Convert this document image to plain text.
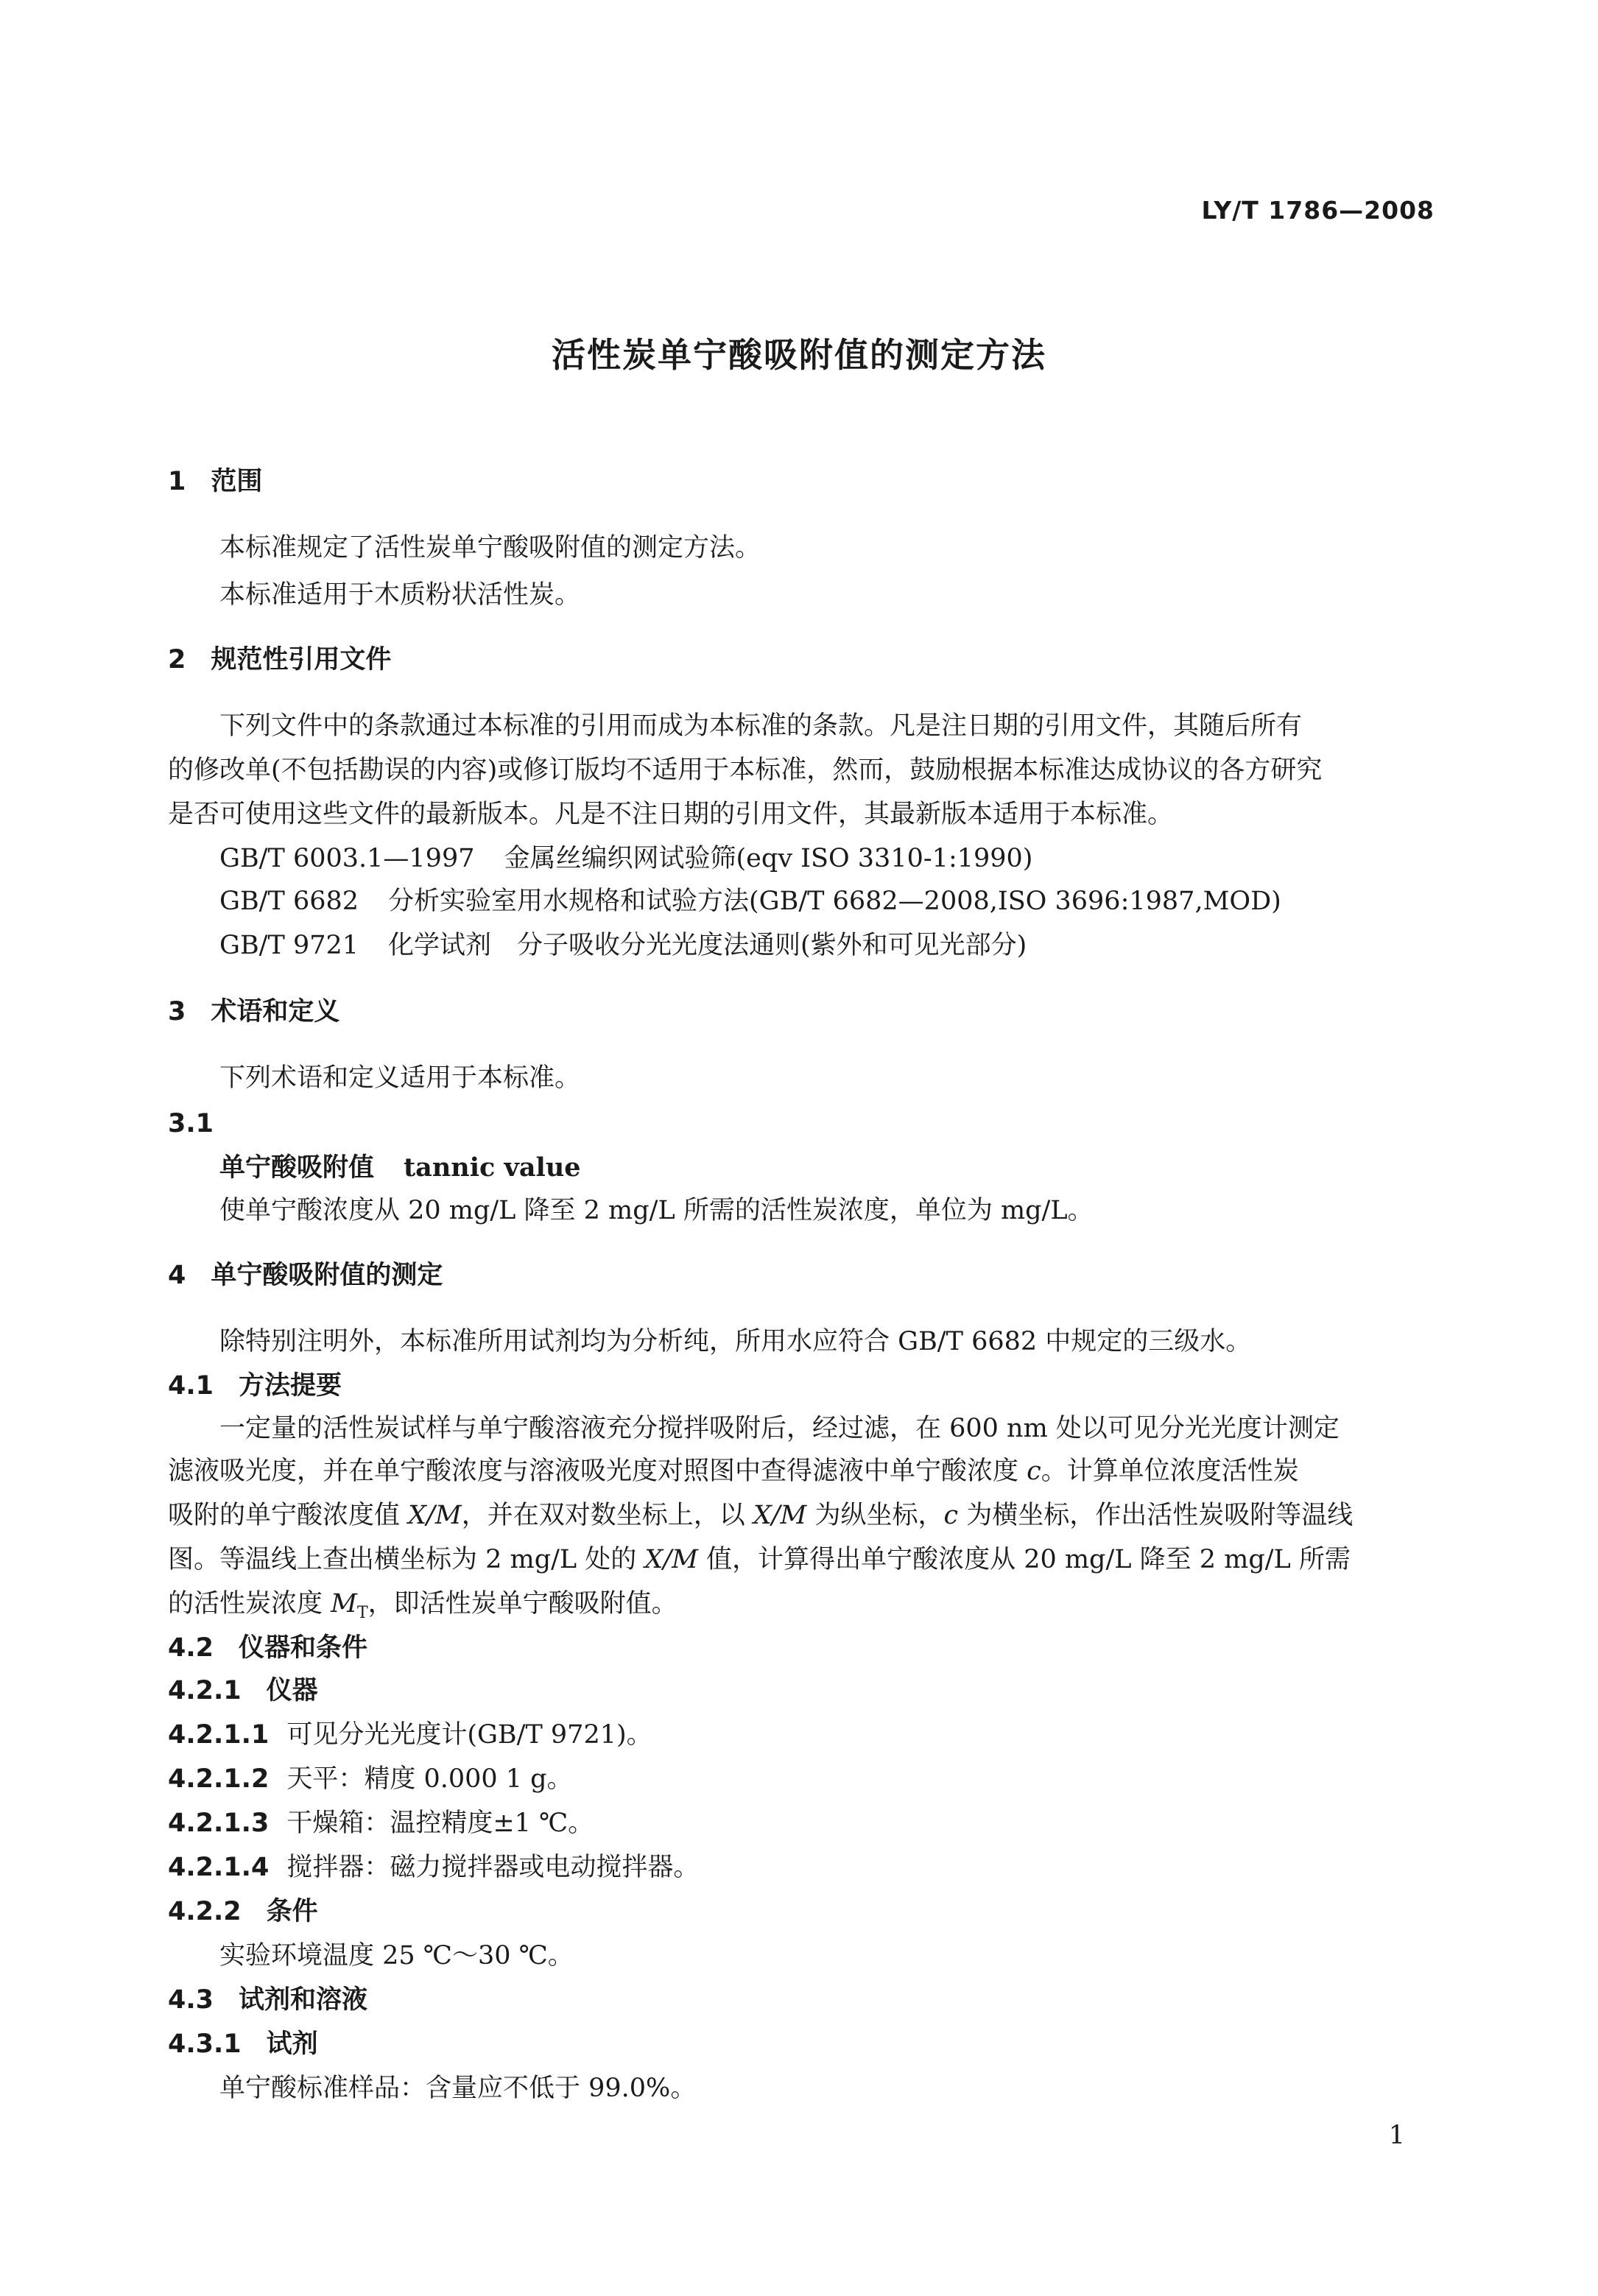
LY/T 1786—2008
活性炭单宁酸吸附值的测定方法
1 范围
本标准规定了活性炭单宁酸吸附值的测定方法。
本标准适用于木质粉状活性炭。
2 规范性引用文件
下列文件中的条款通过本标准的引用而成为本标准的条款。凡是注日期的引用文件，其随后所有
的修改单(不包括勘误的内容)或修订版均不适用于本标准，然而，鼓励根据本标准达成协议的各方研究
是否可使用这些文件的最新版本。凡是不注日期的引用文件，其最新版本适用于本标准。
GB/T 6003.1—1997 金属丝编织网试验筛(eqv ISO 3310-1:1990)
GB/T 6682 分析实验室用水规格和试验方法(GB/T 6682—2008,ISO 3696:1987,MOD)
GB/T 9721 化学试剂　分子吸收分光光度法通则(紫外和可见光部分)
3 术语和定义
下列术语和定义适用于本标准。
3.1
单宁酸吸附值 tannic value
使单宁酸浓度从 20 mg/L 降至 2 mg/L 所需的活性炭浓度，单位为 mg/L。
4 单宁酸吸附值的测定
除特别注明外，本标准所用试剂均为分析纯，所用水应符合 GB/T 6682 中规定的三级水。
4.1 方法提要
一定量的活性炭试样与单宁酸溶液充分搅拌吸附后，经过滤，在 600 nm 处以可见分光光度计测定
滤液吸光度，并在单宁酸浓度与溶液吸光度对照图中查得滤液中单宁酸浓度 c。计算单位浓度活性炭
吸附的单宁酸浓度值 X/M，并在双对数坐标上，以 X/M 为纵坐标，c 为横坐标，作出活性炭吸附等温线
图。等温线上查出横坐标为 2 mg/L 处的 X/M 值，计算得出单宁酸浓度从 20 mg/L 降至 2 mg/L 所需
的活性炭浓度 $M_T$，即活性炭单宁酸吸附值。
4.2 仪器和条件
4.2.1 仪器
4.2.1.1 可见分光光度计(GB/T 9721)。
4.2.1.2 天平：精度 0.000 1 g。
4.2.1.3 干燥箱：温控精度±1 ℃。
4.2.1.4 搅拌器：磁力搅拌器或电动搅拌器。
4.2.2 条件
实验环境温度 25 ℃～30 ℃。
4.3 试剂和溶液
4.3.1 试剂
单宁酸标准样品：含量应不低于 99.0%。
1
